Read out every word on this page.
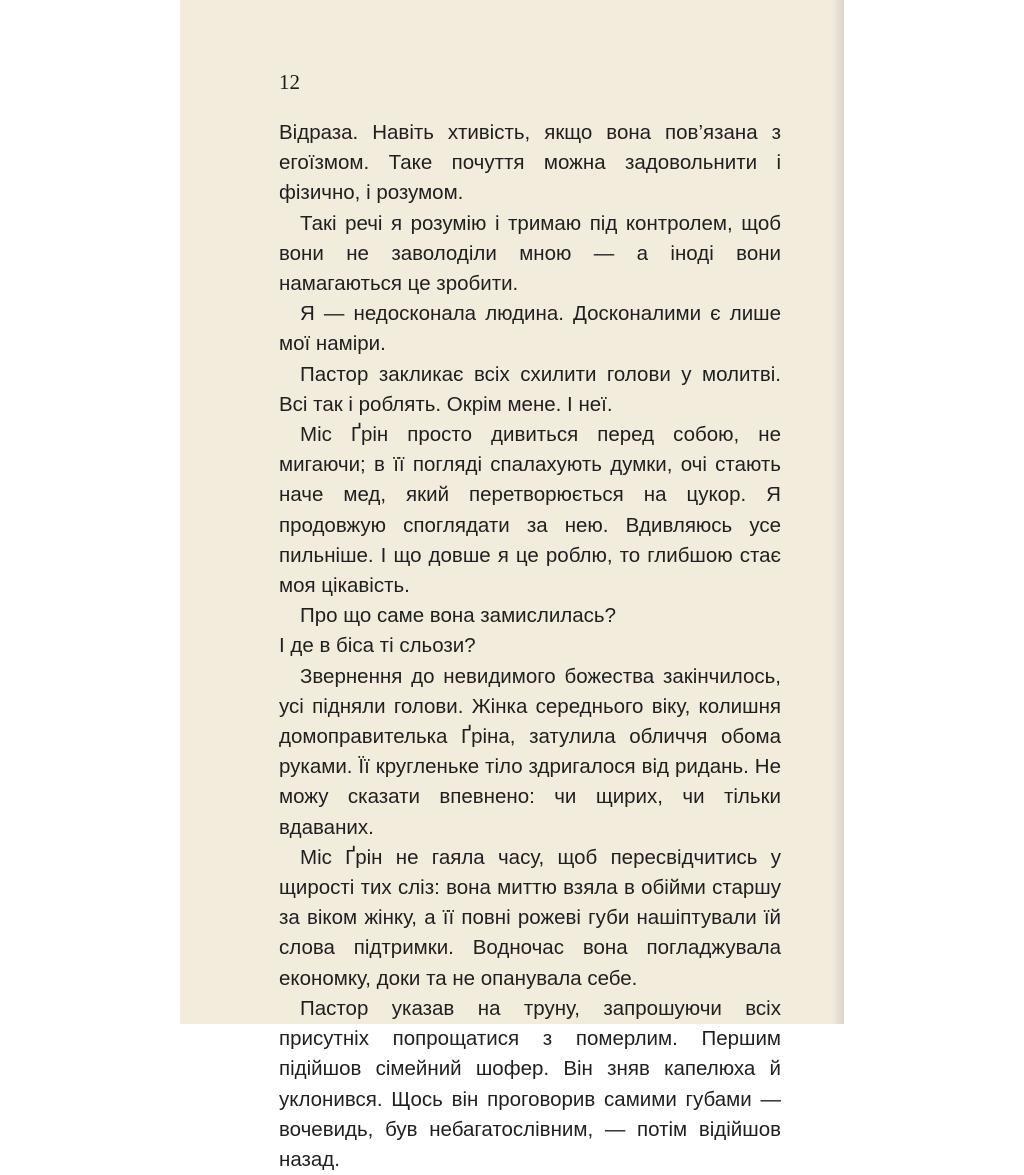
12

Відраза. Навіть хтивість, якщо вона пов’язана з егоїзмом. Таке почуття можна задовольнити і фізично, і розумом.

Такі речі я розумію і тримаю під контролем, щоб вони не заволоділи мною — а іноді вони намагаються це зробити.

Я — недосконала людина. Досконалими є лише мої наміри.

Пастор закликає всіх схилити голови у молитві. Всі так і роблять. Окрім мене. І неї.

Міс Ґрін просто дивиться перед собою, не мигаючи; в її погляді спалахують думки, очі стають наче мед, який перетворюється на цукор. Я продовжую споглядати за нею. Вдивляюсь усе пильніше. І що довше я це роблю, то глибшою стає моя цікавість.

Про що саме вона замислилась?

І де в біса ті сльози?

Звернення до невидимого божества закінчилось, усі підняли голови. Жінка середнього віку, колишня домоправителька Ґріна, затулила обличчя обома руками. Її кругленьке тіло здригалося від ридань. Не можу сказати впевнено: чи щирих, чи тільки вдаваних.

Міс Ґрін не гаяла часу, щоб пересвідчитись у щирості тих сліз: вона миттю взяла в обійми старшу за віком жінку, а її повні рожеві губи нашіптували їй слова підтримки. Водночас вона погладжувала економку, доки та не опанувала себе.

Пастор указав на труну, запрошуючи всіх присутніх попрощатися з померлим. Першим підійшов сімейний шофер. Він зняв капелюха й уклонився. Щось він проговорив самими губами — вочевидь, був небагатослівним, — потім відійшов назад.
